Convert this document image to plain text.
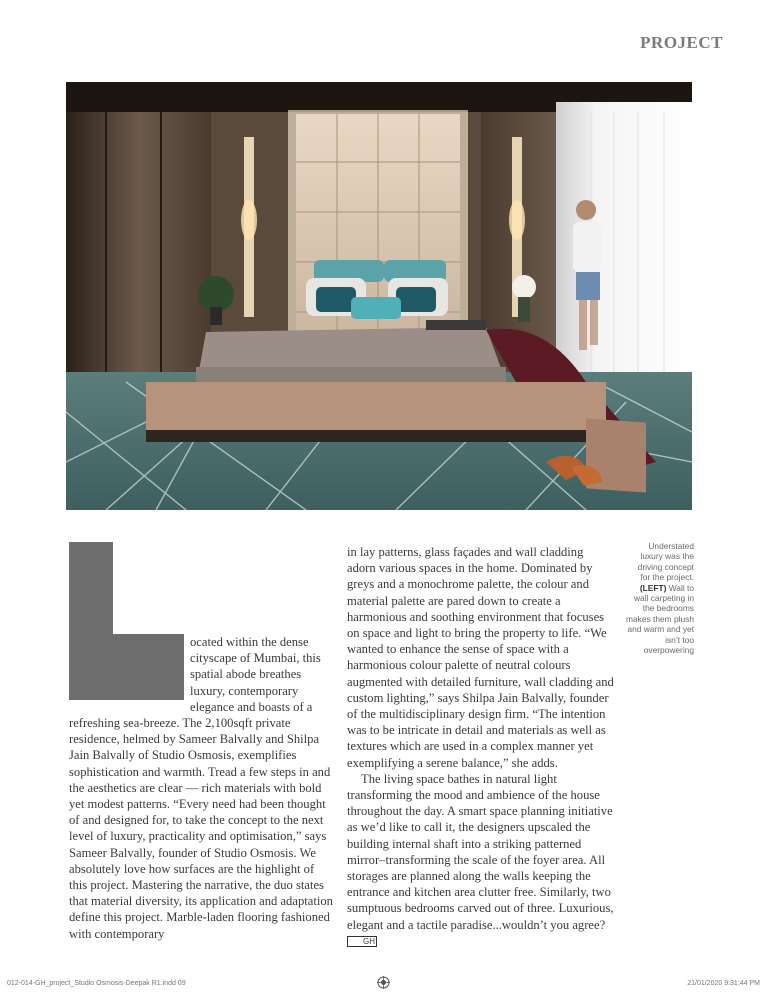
PROJECT
ocated within the dense cityscape of Mumbai, this spatial abode breathes luxury, contemporary elegance and boasts of a

refreshing sea-breeze. The 2,100sqft private residence, helmed by Sameer Balvally and Shilpa Jain Balvally of Studio Osmosis, exemplifies sophistication and warmth. Tread a few steps in and the aesthetics are clear — rich materials with bold yet modest patterns. “Every need had been thought of and designed for, to take the concept to the next level of luxury, practicality and optimisation,” says Sameer Balvally, founder of Studio Osmosis. We absolutely love how surfaces are the highlight of this project. Mastering the narrative, the duo states that material diversity, its application and adaptation define this project. Marble-laden flooring fashioned with contemporary

in lay patterns, glass façades and wall cladding adorn various spaces in the home. Dominated by greys and a monochrome palette, the colour and material palette are pared down to create a harmonious and soothing environment that focuses on space and light to bring the property to life. “We wanted to enhance the sense of space with a harmonious colour palette of neutral colours augmented with detailed furniture, wall cladding and custom lighting,” says Shilpa Jain Balvally, founder of the multidisciplinary design firm. “The intention was to be intricate in detail and materials as well as textures which are used in a complex manner yet exemplifying a serene balance,” she adds.

The living space bathes in natural light transforming the mood and ambience of the house throughout the day. A smart space planning initiative as we’d like to call it, the designers upscaled the building internal shaft into a striking patterned mirror–transforming the scale of the foyer area. All storages are planned along the walls keeping the entrance and kitchen area clutter free. Similarly, two sumptuous bedrooms carved out of three. Luxurious, elegant and a tactile paradise...wouldn’t you agree? GH

Understated luxury was the driving concept for the project. (LEFT) Wall to wall carpeting in the bedrooms makes them plush and warm and yet isn’t too overpowering
012-014-GH_project_Studio Osmosis-Deepak R1.indd 09	21/01/2020 9:31:44 PM
